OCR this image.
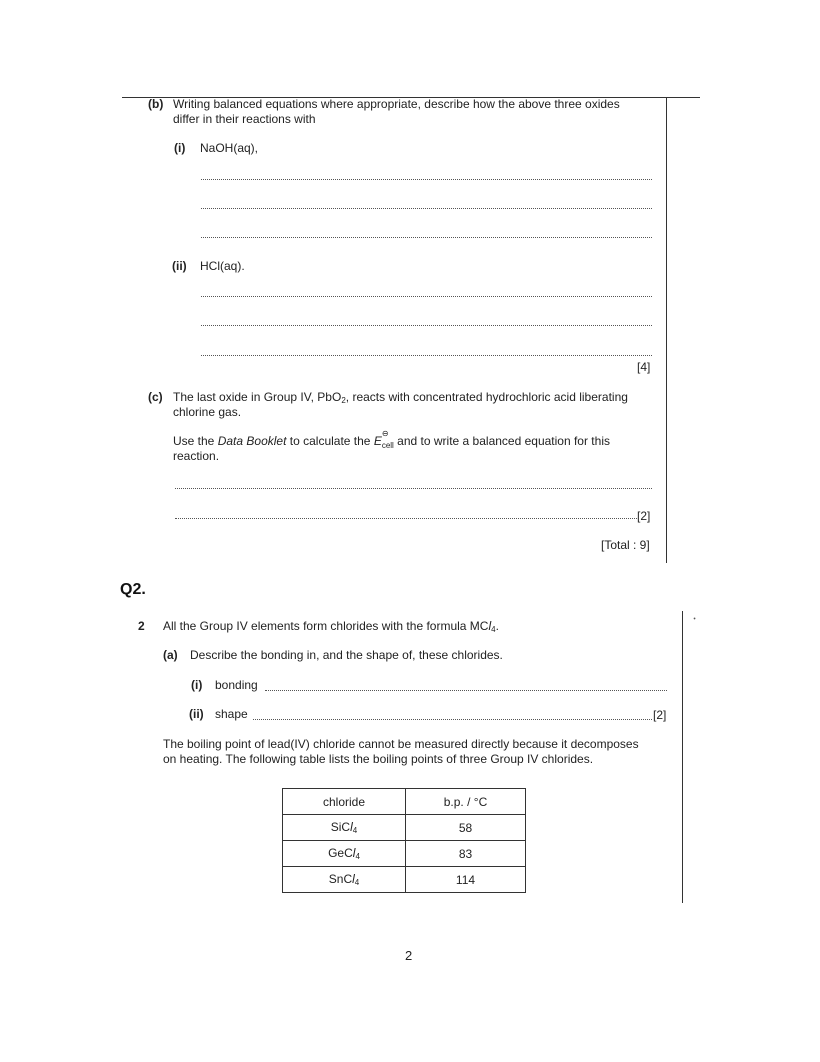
(b) Writing balanced equations where appropriate, describe how the above three oxides
differ in their reactions with
(i) NaOH(aq),
(ii) HCl(aq).
[4]
(c) The last oxide in Group IV, PbO$_2$, reacts with concentrated hydrochloric acid liberating
chlorine gas.
Use the Data Booklet to calculate the E
⊖
$_{cell}$ and to write a balanced equation for this
reaction.
[2]
[Total : 9]
Q2.
ꞏ
2 All the Group IV elements form chlorides with the formula MCl$_4$.
(a) Describe the bonding in, and the shape of, these chlorides.
(i) bonding
(ii) shape	[2]
The boiling point of lead(IV) chloride cannot be measured directly because it decomposes
on heating. The following table lists the boiling points of three Group IV chlorides.
chloride	b.p. / °C
SiCl$_4$	58
GeCl$_4$	83
SnCl$_4$	114
2
